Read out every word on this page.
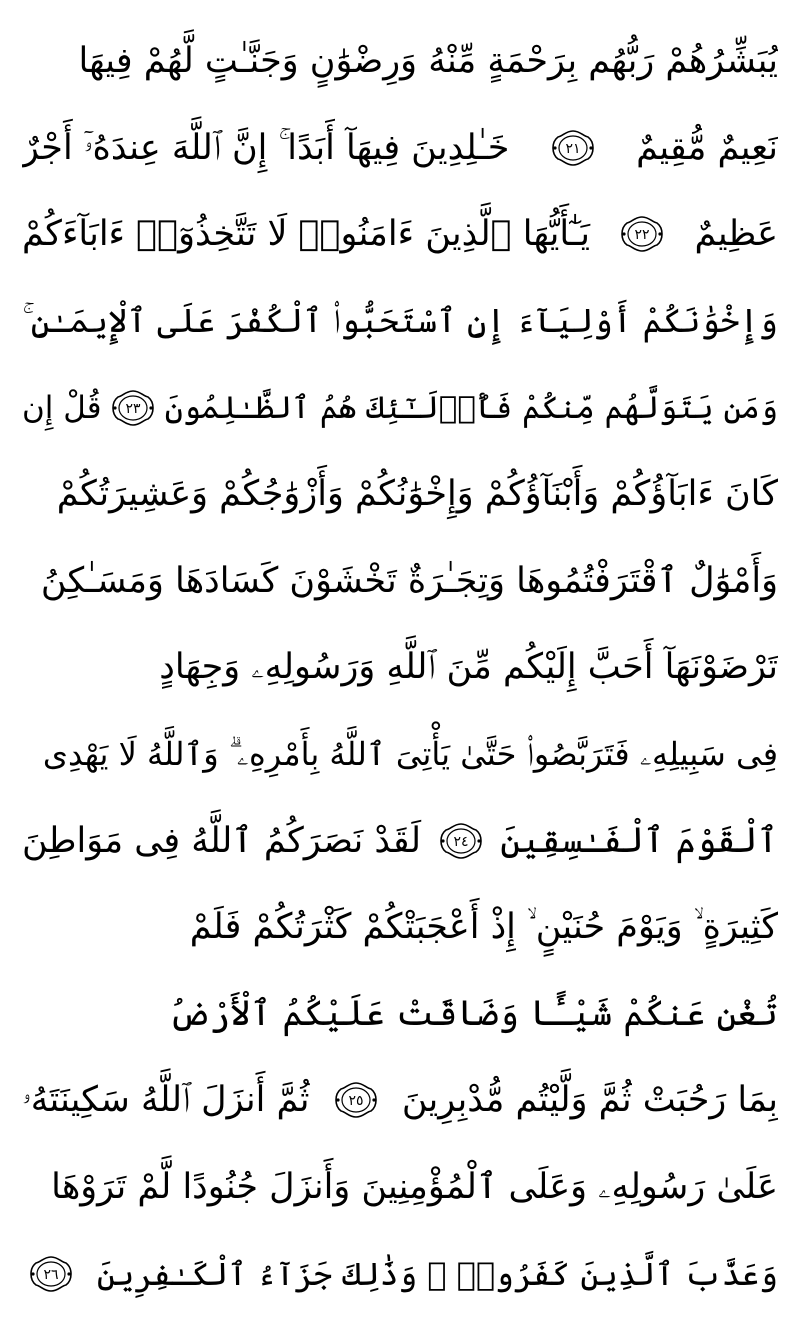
يُبَشِّرُهُمْ رَبُّهُم بِرَحْمَةٍ مِّنْهُ وَرِضْوَٰنٍ وَجَنَّـٰتٍ لَّهُمْ فِيهَا
نَعِيمٌ مُّقِيمٌ
٢١
خَـٰلِدِينَ فِيهَآ أَبَدًا ۚ إِنَّ ٱللَّهَ عِندَهُۥٓ أَجْرٌ
عَظِيمٌ
٢٢
يَـٰٓأَيُّهَا ٱلَّذِينَ ءَامَنُوا۟ لَا تَتَّخِذُوٓا۟ ءَابَآءَكُمْ
وَإِخْوَٰنَكُمْ أَوْلِيَآءَ إِنِ ٱسْتَحَبُّوا۟ ٱلْكُفْرَ عَلَى ٱلْإِيمَـٰنِ ۚ
وَمَن يَتَوَلَّهُم مِّنكُمْ فَأُو۟لَـٰٓئِكَ هُمُ ٱلظَّـٰلِمُونَ
٢٣
قُلْ إِن
كَانَ ءَابَآؤُكُمْ وَأَبْنَآؤُكُمْ وَإِخْوَٰنُكُمْ وَأَزْوَٰجُكُمْ وَعَشِيرَتُكُمْ
وَأَمْوَٰلٌ ٱقْتَرَفْتُمُوهَا وَتِجَـٰرَةٌ تَخْشَوْنَ كَسَادَهَا وَمَسَـٰكِنُ
تَرْضَوْنَهَآ أَحَبَّ إِلَيْكُم مِّنَ ٱللَّهِ وَرَسُولِهِۦ وَجِهَادٍ
فِى سَبِيلِهِۦ فَتَرَبَّصُوا۟ حَتَّىٰ يَأْتِىَ ٱللَّهُ بِأَمْرِهِۦ ۗ وَٱللَّهُ لَا يَهْدِى
ٱلْقَوْمَ ٱلْفَـٰسِقِينَ
٢٤
لَقَدْ نَصَرَكُمُ ٱللَّهُ فِى مَوَاطِنَ
كَثِيرَةٍ ۙ وَيَوْمَ حُنَيْنٍ ۙ إِذْ أَعْجَبَتْكُمْ كَثْرَتُكُمْ فَلَمْ
تُغْنِ عَنكُمْ شَيْـًٔا وَضَاقَتْ عَلَيْكُمُ ٱلْأَرْضُ
بِمَا رَحُبَتْ ثُمَّ وَلَّيْتُم مُّدْبِرِينَ
٢٥
ثُمَّ أَنزَلَ ٱللَّهُ سَكِينَتَهُۥ
عَلَىٰ رَسُولِهِۦ وَعَلَى ٱلْمُؤْمِنِينَ وَأَنزَلَ جُنُودًا لَّمْ تَرَوْهَا
وَعَذَّبَ ٱلَّذِينَ كَفَرُوا۟ ۚ وَذَٰلِكَ جَزَآءُ ٱلْكَـٰفِرِينَ
٢٦
